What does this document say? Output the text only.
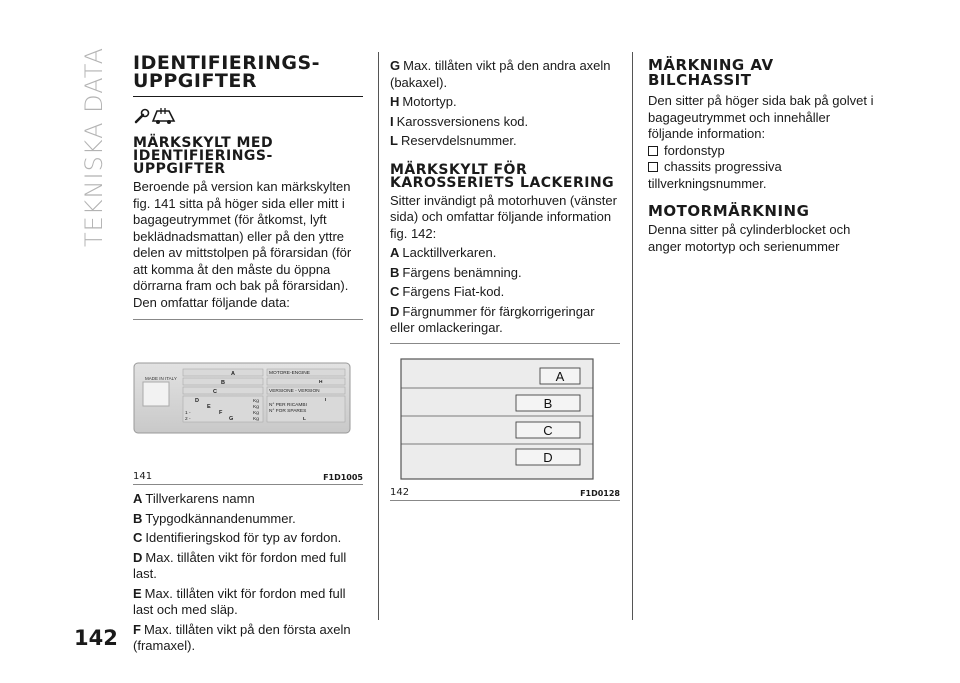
TEKNISKA DATA IDENTIFIERINGS-UPPGIFTER
MÄRKSKYLT MED IDENTIFIERINGS-UPPGIFTER

Beroende på version kan märkskylten fig. 141 sitta på höger sida eller mitt i bagageutrymmet (för åtkomst, lyft beklädnadsmattan) eller på den yttre delen av mittstolpen på förarsidan (för att komma åt den måste du öppna dörrarna fram och bak på förarsidan). Den omfattar följande data:

MADE IN ITALY
A
B
C
D
E
F
G
1 -
2 -
Kg
Kg
Kg
Kg
MOTORE-ENGINE
H
VERSIONE - VERSION
I
N° PER RICAMBI
N° FOR SPARES
L
141	F1D1005

A Tillverkarens namn

B Typgodkännandenummer.

C Identifieringskod för typ av fordon.

D Max. tillåten vikt för fordon med full last.

E Max. tillåten vikt för fordon med full last och med släp.

F Max. tillåten vikt på den första axeln (framaxel).

G Max. tillåten vikt på den andra axeln (bakaxel).

H Motortyp.

I Karossversionens kod.

L Reservdelsnummer.

MÄRKSKYLT FÖR KAROSSERIETS LACKERING

Sitter invändigt på motorhuven (vänster sida) och omfattar följande information fig. 142:

A Lacktillverkaren.

B Färgens benämning.

C Färgens Fiat-kod.

D Färgnummer för färgkorrigeringar eller omlackeringar.

A
B
C
D
142	F1D0128
MÄRKNING AV BILCHASSIT

Den sitter på höger sida bak på golvet i bagageutrymmet och innehåller följande information:

fordonstyp
chassits progressiva

tillverkningsnummer.

MOTORMÄRKNING

Denna sitter på cylinderblocket och anger motortyp och serienummer

142
